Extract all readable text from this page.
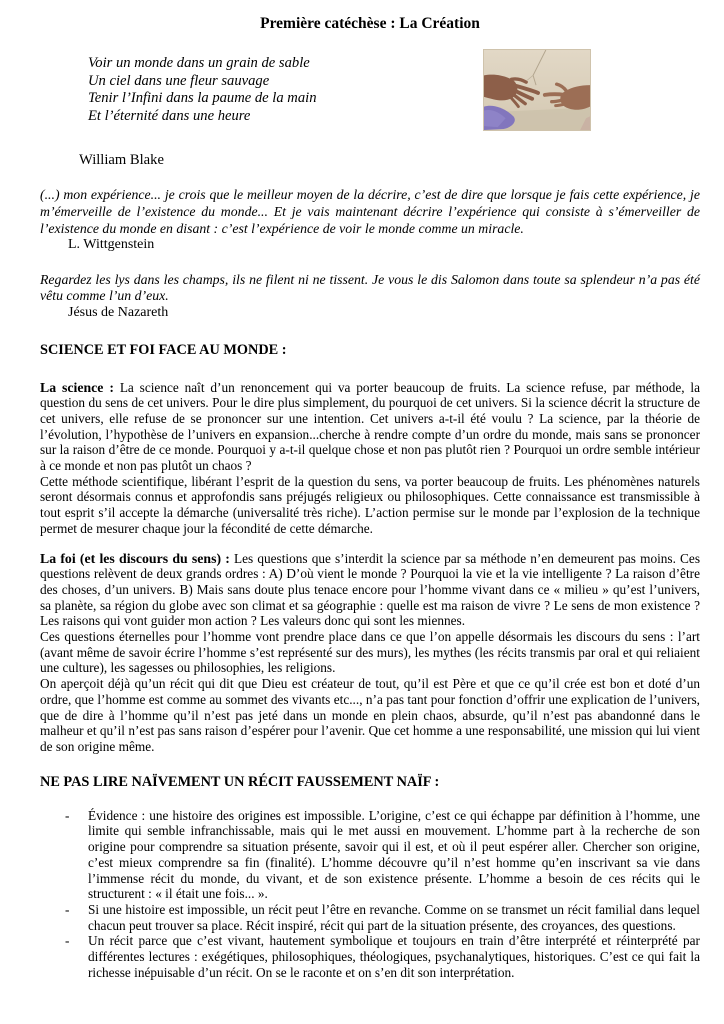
Première catéchèse : La Création
Voir un monde dans un grain de sable
Un ciel dans une fleur sauvage
Tenir l’Infini dans la paume de la main
Et l’éternité dans une heure
William Blake

(...) mon expérience... je crois que le meilleur moyen de la décrire, c’est de dire que lorsque je fais cette expérience, je m’émerveille de l’existence du monde... Et je vais maintenant décrire l’expérience qui consiste à s’émerveiller de l’existence du monde en disant : c’est l’expérience de voir le monde comme un miracle.

L. Wittgenstein

Regardez les lys dans les champs, ils ne filent ni ne tissent. Je vous le dis Salomon dans toute sa splendeur n’a pas été vêtu comme l’un d’eux.

Jésus de Nazareth
SCIENCE ET FOI FACE AU MONDE :

La science : La science naît d’un renoncement qui va porter beaucoup de fruits. La science refuse, par méthode, la question du sens de cet univers. Pour le dire plus simplement, du pourquoi de cet univers. Si la science décrit la structure de cet univers, elle refuse de se prononcer sur une intention. Cet univers a-t-il été voulu ? La science, par la théorie de l’évolution, l’hypothèse de l’univers en expansion...cherche à rendre compte d’un ordre du monde, mais sans se prononcer sur la raison d’être de ce monde. Pourquoi y a-t-il quelque chose et non pas plutôt rien ? Pourquoi un ordre semble intérieur à ce monde et non pas plutôt un chaos ?

Cette méthode scientifique, libérant l’esprit de la question du sens, va porter beaucoup de fruits. Les phénomènes naturels seront désormais connus et approfondis sans préjugés religieux ou philosophiques. Cette connaissance est transmissible à tout esprit s’il accepte la démarche (universalité très riche). L’action permise sur le monde par l’explosion de la technique permet de mesurer chaque jour la fécondité de cette démarche.

La foi (et les discours du sens) : Les questions que s’interdit la science par sa méthode n’en demeurent pas moins. Ces questions relèvent de deux grands ordres : A) D’où vient le monde ? Pourquoi la vie et la vie intelligente ? La raison d’être des choses, d’un univers. B) Mais sans doute plus tenace encore pour l’homme vivant dans ce « milieu » qu’est l’univers, sa planète, sa région du globe avec son climat et sa géographie : quelle est ma raison de vivre ? Le sens de mon existence ? Les raisons qui vont guider mon action ? Les valeurs donc qui sont les miennes.

Ces questions éternelles pour l’homme vont prendre place dans ce que l’on appelle désormais les discours du sens : l’art (avant même de savoir écrire l’homme s’est représenté sur des murs), les mythes (les récits transmis par oral et qui reliaient une culture), les sagesses ou philosophies, les religions.

On aperçoit déjà qu’un récit qui dit que Dieu est créateur de tout, qu’il est Père et que ce qu’il crée est bon et doté d’un ordre, que l’homme est comme au sommet des vivants etc..., n’a pas tant pour fonction d’offrir une explication de l’univers, que de dire à l’homme qu’il n’est pas jeté dans un monde en plein chaos, absurde, qu’il n’est pas abandonné dans le malheur et qu’il n’est pas sans raison d’espérer pour l’avenir. Que cet homme a une responsabilité, une mission qui lui vient de son origine même.

NE PAS LIRE NAÏVEMENT UN RÉCIT FAUSSEMENT NAÏF :
- Évidence : une histoire des origines est impossible. L’origine, c’est ce qui échappe par définition à l’homme, une limite qui semble infranchissable, mais qui le met aussi en mouvement. L’homme part à la recherche de son origine pour comprendre sa situation présente, savoir qui il est, et où il peut espérer aller. Chercher son origine, c’est mieux comprendre sa fin (finalité). L’homme découvre qu’il n’est homme qu’en inscrivant sa vie dans l’immense récit du monde, du vivant, et de son existence présente. L’homme a besoin de ces récits qui le structurent : « il était une fois... ».
- Si une histoire est impossible, un récit peut l’être en revanche. Comme on se transmet un récit familial dans lequel chacun peut trouver sa place. Récit inspiré, récit qui part de la situation présente, des croyances, des questions.
- Un récit parce que c’est vivant, hautement symbolique et toujours en train d’être interprété et réinterprété par différentes lectures : exégétiques, philosophiques, théologiques, psychanalytiques, historiques. C’est ce qui fait la richesse inépuisable d’un récit. On se le raconte et on s’en dit son interprétation.
